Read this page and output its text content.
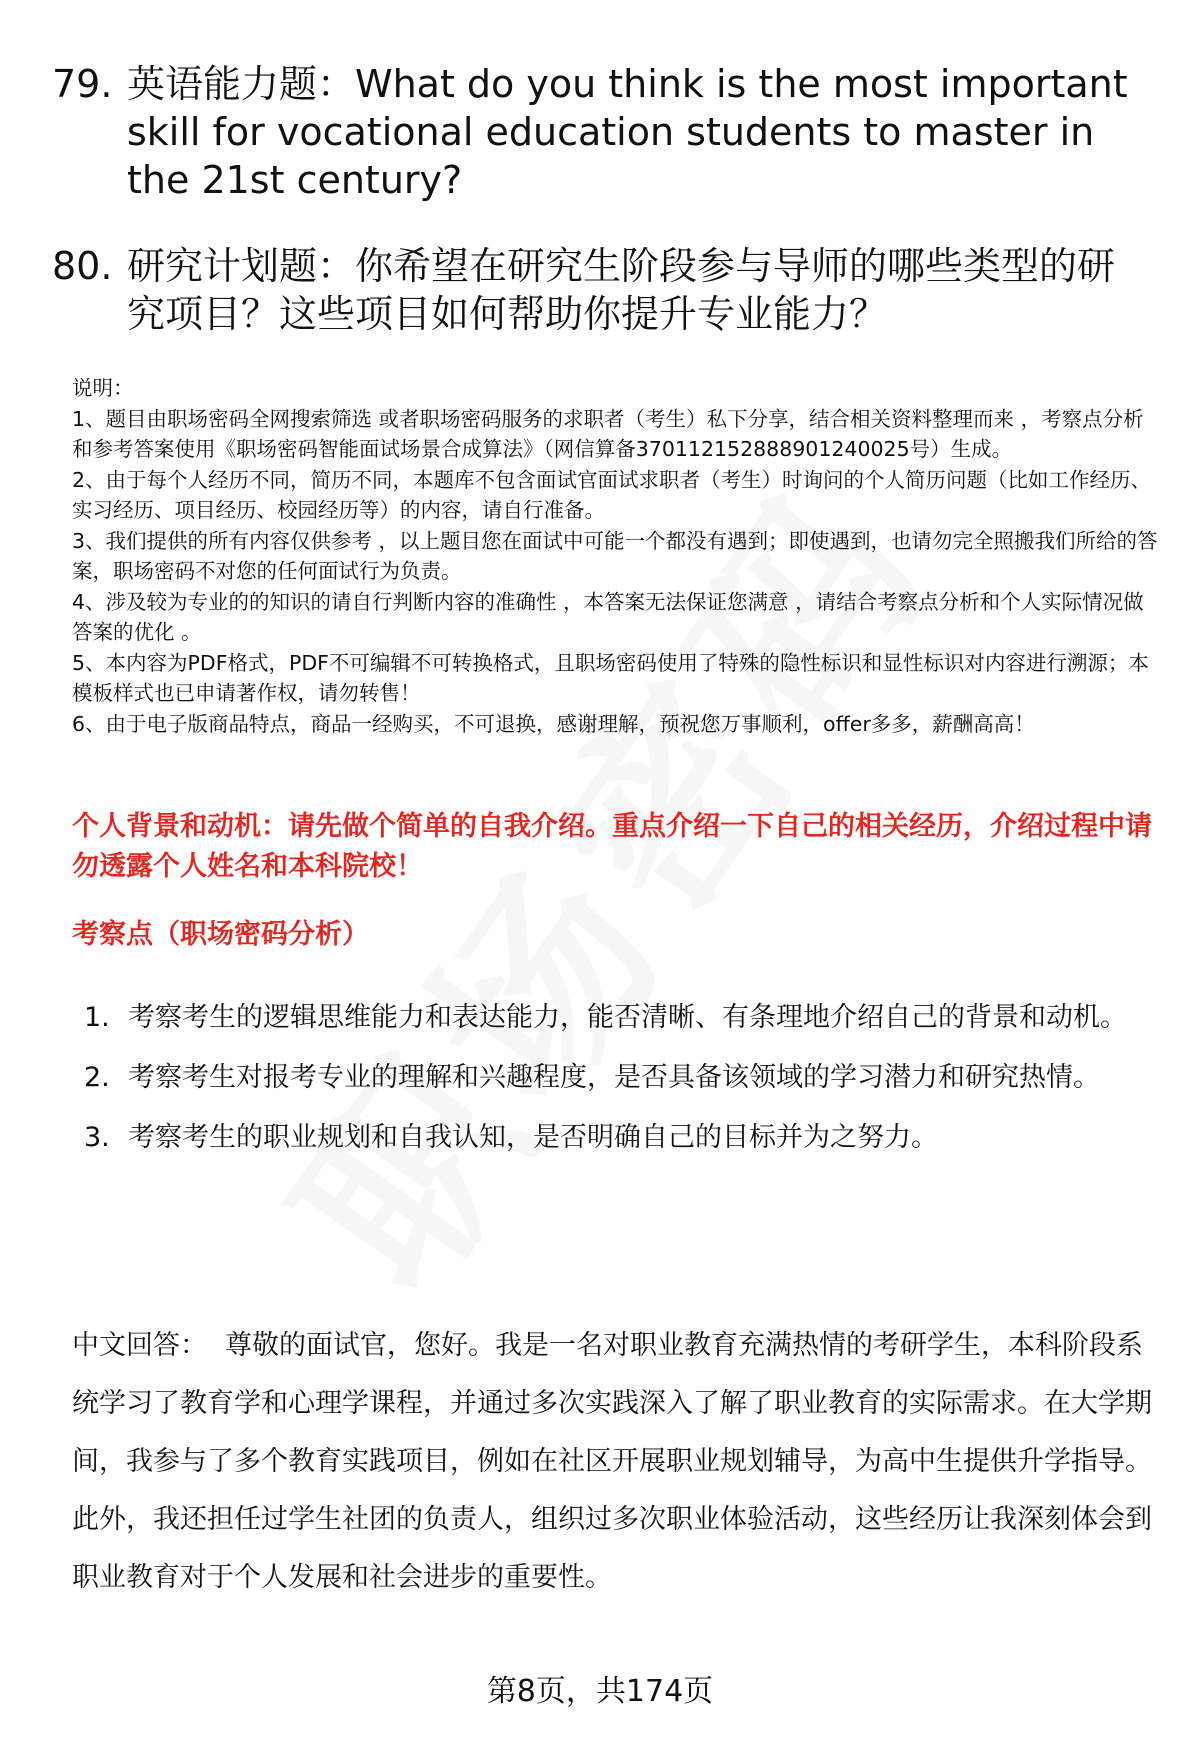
79. 英语能力题：What do you think is the most important skill for vocational education students to master in the 21st century?
80. 研究计划题：你希望在研究生阶段参与导师的哪些类型的研究项目？这些项目如何帮助你提升专业能力？

说明：

1、题目由职场密码全网搜索筛选 或者职场密码服务的求职者（考生）私下分享，结合相关资料整理而来 ，考察点分析和参考答案使用《职场密码智能面试场景合成算法》（网信算备370112152888901240025号）生成。

2、由于每个人经历不同，简历不同，本题库不包含面试官面试求职者（考生）时询问的个人简历问题（比如工作经历、实习经历、项目经历、校园经历等）的内容，请自行准备。

3、我们提供的所有内容仅供参考 ，以上题目您在面试中可能一个都没有遇到；即使遇到，也请勿完全照搬我们所给的答案，职场密码不对您的任何面试行为负责。

4、涉及较为专业的的知识的请自行判断内容的准确性 ，本答案无法保证您满意 ，请结合考察点分析和个人实际情况做答案的优化 。

5、本内容为PDF格式，PDF不可编辑不可转换格式，且职场密码使用了特殊的隐性标识和显性标识对内容进行溯源；本模板样式也已申请著作权，请勿转售！

6、由于电子版商品特点，商品一经购买，不可退换，感谢理解，预祝您万事顺利，offer多多，薪酬高高！

个人背景和动机：请先做个简单的自我介绍。重点介绍一下自己的相关经历，介绍过程中请勿透露个人姓名和本科院校！
考察点（职场密码分析）
1. 考察考生的逻辑思维能力和表达能力，能否清晰、有条理地介绍自己的背景和动机。
2. 考察考生对报考专业的理解和兴趣程度，是否具备该领域的学习潜力和研究热情。
3. 考察考生的职业规划和自我认知，是否明确自己的目标并为之努力。
中文回答： 尊敬的面试官，您好。我是一名对职业教育充满热情的考研学生，本科阶段系统学习了教育学和心理学课程，并通过多次实践深入了解了职业教育的实际需求。在大学期间，我参与了多个教育实践项目，例如在社区开展职业规划辅导，为高中生提供升学指导。此外，我还担任过学生社团的负责人，组织过多次职业体验活动，这些经历让我深刻体会到职业教育对于个人发展和社会进步的重要性。
第8页，共174页
